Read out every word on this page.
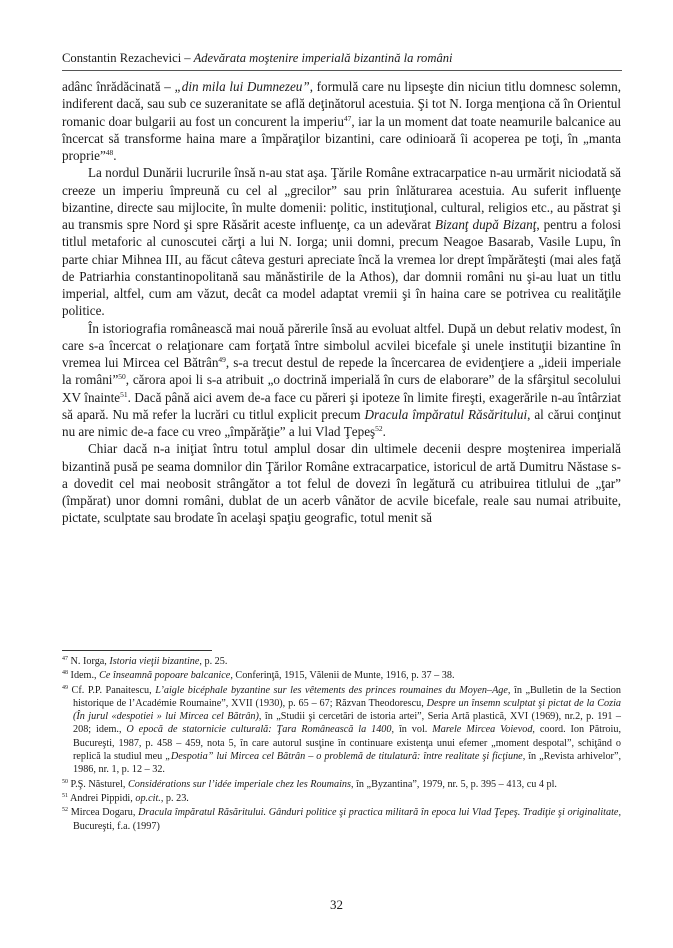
Constantin Rezachevici – Adevărata moştenire imperială bizantină la români

adânc înrădăcinată – „din mila lui Dumnezeu”, formulă care nu lipseşte din niciun titlu domnesc solemn, indiferent dacă, sau sub ce suzeranitate se află deţinătorul acestuia. Şi tot N. Iorga menţiona că în Orientul romanic doar bulgarii au fost un concurent la imperiu$^{47}$, iar la un moment dat toate neamurile balcanice au încercat să transforme haina mare a împăraţilor bizantini, care odinioară îi acoperea pe toţi, în „manta proprie”$^{48}$.

La nordul Dunării lucrurile însă n-au stat aşa. Ţările Române extracarpatice n-au urmărit niciodată să creeze un imperiu împreună cu cel al „grecilor” sau prin înlăturarea acestuia. Au suferit influenţe bizantine, directe sau mijlocite, în multe domenii: politic, instituţional, cultural, religios etc., au păstrat şi au transmis spre Nord şi spre Răsărit aceste influenţe, ca un adevărat Bizanţ după Bizanţ, pentru a folosi titlul metaforic al cunoscutei cărţi a lui N. Iorga; unii domni, precum Neagoe Basarab, Vasile Lupu, în parte chiar Mihnea III, au făcut câteva gesturi apreciate încă la vremea lor drept împărăteşti (mai ales faţă de Patriarhia constantinopolitană sau mănăstirile de la Athos), dar domnii români nu şi-au luat un titlu imperial, altfel, cum am văzut, decât ca model adaptat vremii şi în haina care se potrivea cu realităţile politice.

În istoriografia românească mai nouă părerile însă au evoluat altfel. După un debut relativ modest, în care s-a încercat o relaţionare cam forţată între simbolul acvilei bicefale şi unele instituţii bizantine în vremea lui Mircea cel Bătrân$^{49}$, s-a trecut destul de repede la încercarea de evidenţiere a „ideii imperiale la români”$^{50}$, cărora apoi li s-a atribuit „o doctrină imperială în curs de elaborare” de la sfârşitul secolului XV înainte$^{51}$. Dacă până aici avem de-a face cu păreri şi ipoteze în limite fireşti, exagerările n-au întârziat să apară. Nu mă refer la lucrări cu titlul explicit precum Dracula împăratul Răsăritului, al cărui conţinut nu are nimic de-a face cu vreo „împărăţie” a lui Vlad Ţepeş$^{52}$.

Chiar dacă n-a iniţiat întru totul amplul dosar din ultimele decenii despre moştenirea imperială bizantină pusă pe seama domnilor din Ţărilor Române extracarpatice, istoricul de artă Dumitru Năstase s-a dovedit cel mai neobosit strângător a tot felul de dovezi în legătură cu atribuirea titlului de „ţar” (împărat) unor domni români, dublat de un acerb vânător de acvile bicefale, reale sau numai atribuite, pictate, sculptate sau brodate în acelaşi spaţiu geografic, totul menit să

$^{47}$ N. Iorga, Istoria vieţii bizantine, p. 25.

$^{48}$ Idem., Ce înseamnă popoare balcanice, Conferinţă, 1915, Vălenii de Munte, 1916, p. 37 – 38.

$^{49}$ Cf. P.P. Panaitescu, L’aigle bicéphale byzantine sur les vêtements des princes roumaines du Moyen–Age, în „Bulletin de la Section historique de l’Académie Roumaine”, XVII (1930), p. 65 – 67; Răzvan Theodorescu, Despre un însemn sculptat şi pictat de la Cozia (În jurul «despotiei » lui Mircea cel Bătrân), în „Studii şi cercetări de istoria artei”, Seria Artă plastică, XVI (1969), nr.2, p. 191 – 208; idem., O epocă de statornicie culturală: Ţara Românească la 1400, în vol. Marele Mircea Voievod, coord. Ion Pătroiu, Bucureşti, 1987, p. 458 – 459, nota 5, în care autorul susţine în continuare existenţa unui efemer „moment despotal”, schiţând o replică la studiul meu „Despotia” lui Mircea cel Bătrân – o problemă de titulatură: între realitate şi ficţiune, în „Revista arhivelor”, 1986, nr. 1, p. 12 – 32.

$^{50}$ P.Ş. Năsturel, Considérations sur l’idée imperiale chez les Roumains, în „Byzantina”, 1979, nr. 5, p. 395 – 413, cu 4 pl.

$^{51}$ Andrei Pippidi, op.cit., p. 23.

$^{52}$ Mircea Dogaru, Dracula împăratul Răsăritului. Gânduri politice şi practica militară în epoca lui Vlad Ţepeş. Tradiţie şi originalitate, Bucureşti, f.a. (1997)

32
